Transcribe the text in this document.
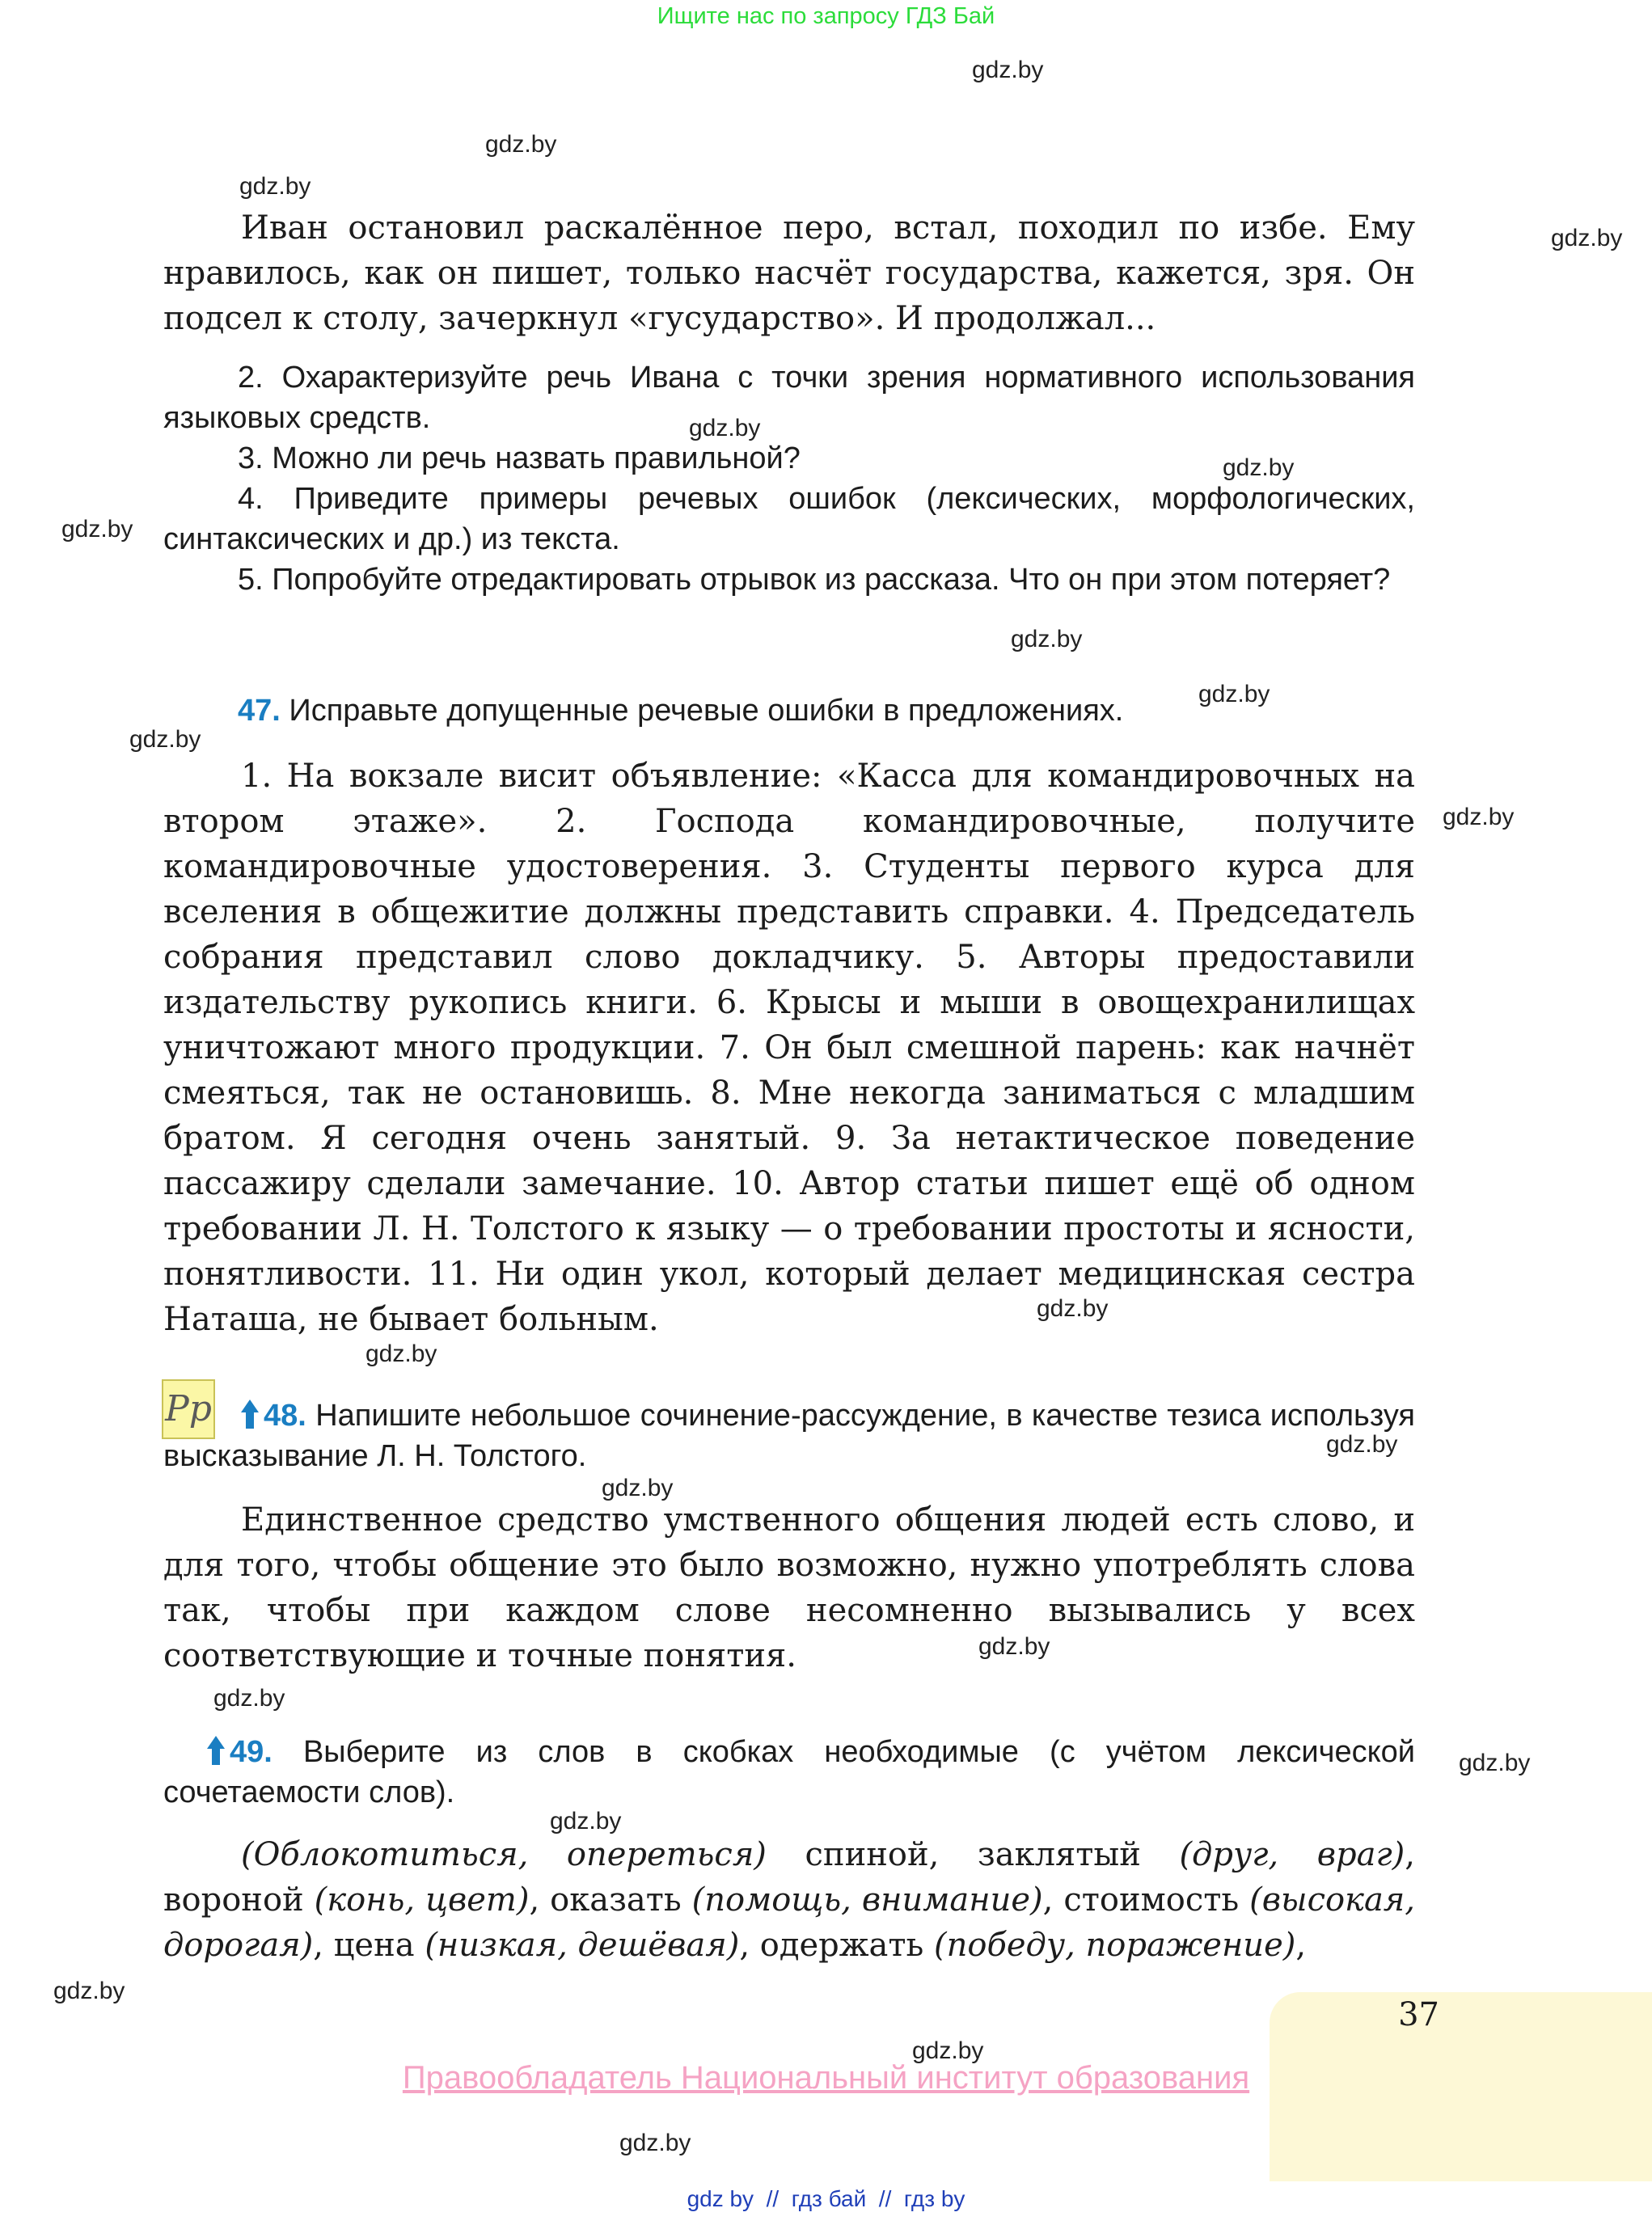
Ищите нас по запросу ГДЗ Бай
gdz.by
gdz.by
gdz.by
gdz.by
gdz.by
gdz.by
gdz.by
gdz.by
gdz.by
gdz.by
gdz.by
gdz.by
gdz.by
gdz.by
gdz.by
gdz.by
gdz.by
gdz.by
gdz.by
gdz.by
gdz.by
gdz.by
Иван остановил раскалённое перо, встал, походил по избе. Ему нравилось, как он пишет, только насчёт государства, кажется, зря. Он подсел к столу, зачеркнул «гусударство». И продолжал...

2. Охарактеризуйте речь Ивана с точки зрения нормативного использования языковых средств.

3. Можно ли речь назвать правильной?

4. Приведите примеры речевых ошибок (лексических, морфологических, синтаксических и др.) из текста.

5. Попробуйте отредактировать отрывок из рассказа. Что он при этом потеряет?

47. Исправьте допущенные речевые ошибки в предложениях.
1. На вокзале висит объявление: «Касса для командировочных на втором этаже». 2. Господа командировочные, получите командировочные удостоверения. 3. Студенты первого курса для вселения в общежитие должны представить справки. 4. Председатель собрания представил слово докладчику. 5. Авторы предоставили издательству рукопись книги. 6. Крысы и мыши в овощехранилищах уничтожают много продукции. 7. Он был смешной парень: как начнёт смеяться, так не остановишь. 8. Мне некогда заниматься с младшим братом. Я сегодня очень занятый. 9. За нетактическое поведение пассажиру сделали замечание. 10. Автор статьи пишет ещё об одном требовании Л. Н. Толстого к языку — о требовании простоты и ясности, понятливости. 11. Ни один укол, который делает медицинская сестра Наташа, не бывает больным.
Pp	48. Напишите небольшое сочинение-рассуждение, в качестве тезиса используя высказывание Л. Н. Толстого.
Единственное средство умственного общения людей есть слово, и для того, чтобы общение это было возможно, нужно употреблять слова так, чтобы при каждом слове несомненно вызывались у всех соответствующие и точные понятия.
49. Выберите из слов в скобках необходимые (с учётом лексической сочетаемости слов).
(Облокотиться, опереться) спиной, заклятый (друг, враг), вороной (конь, цвет), оказать (помощь, внимание), стоимость (высокая, дорогая), цена (низкая, дешёвая), одержать (победу, поражение),
37
Правообладатель Национальный институт образования
gdz by  //  гдз бай  //  гдз by
